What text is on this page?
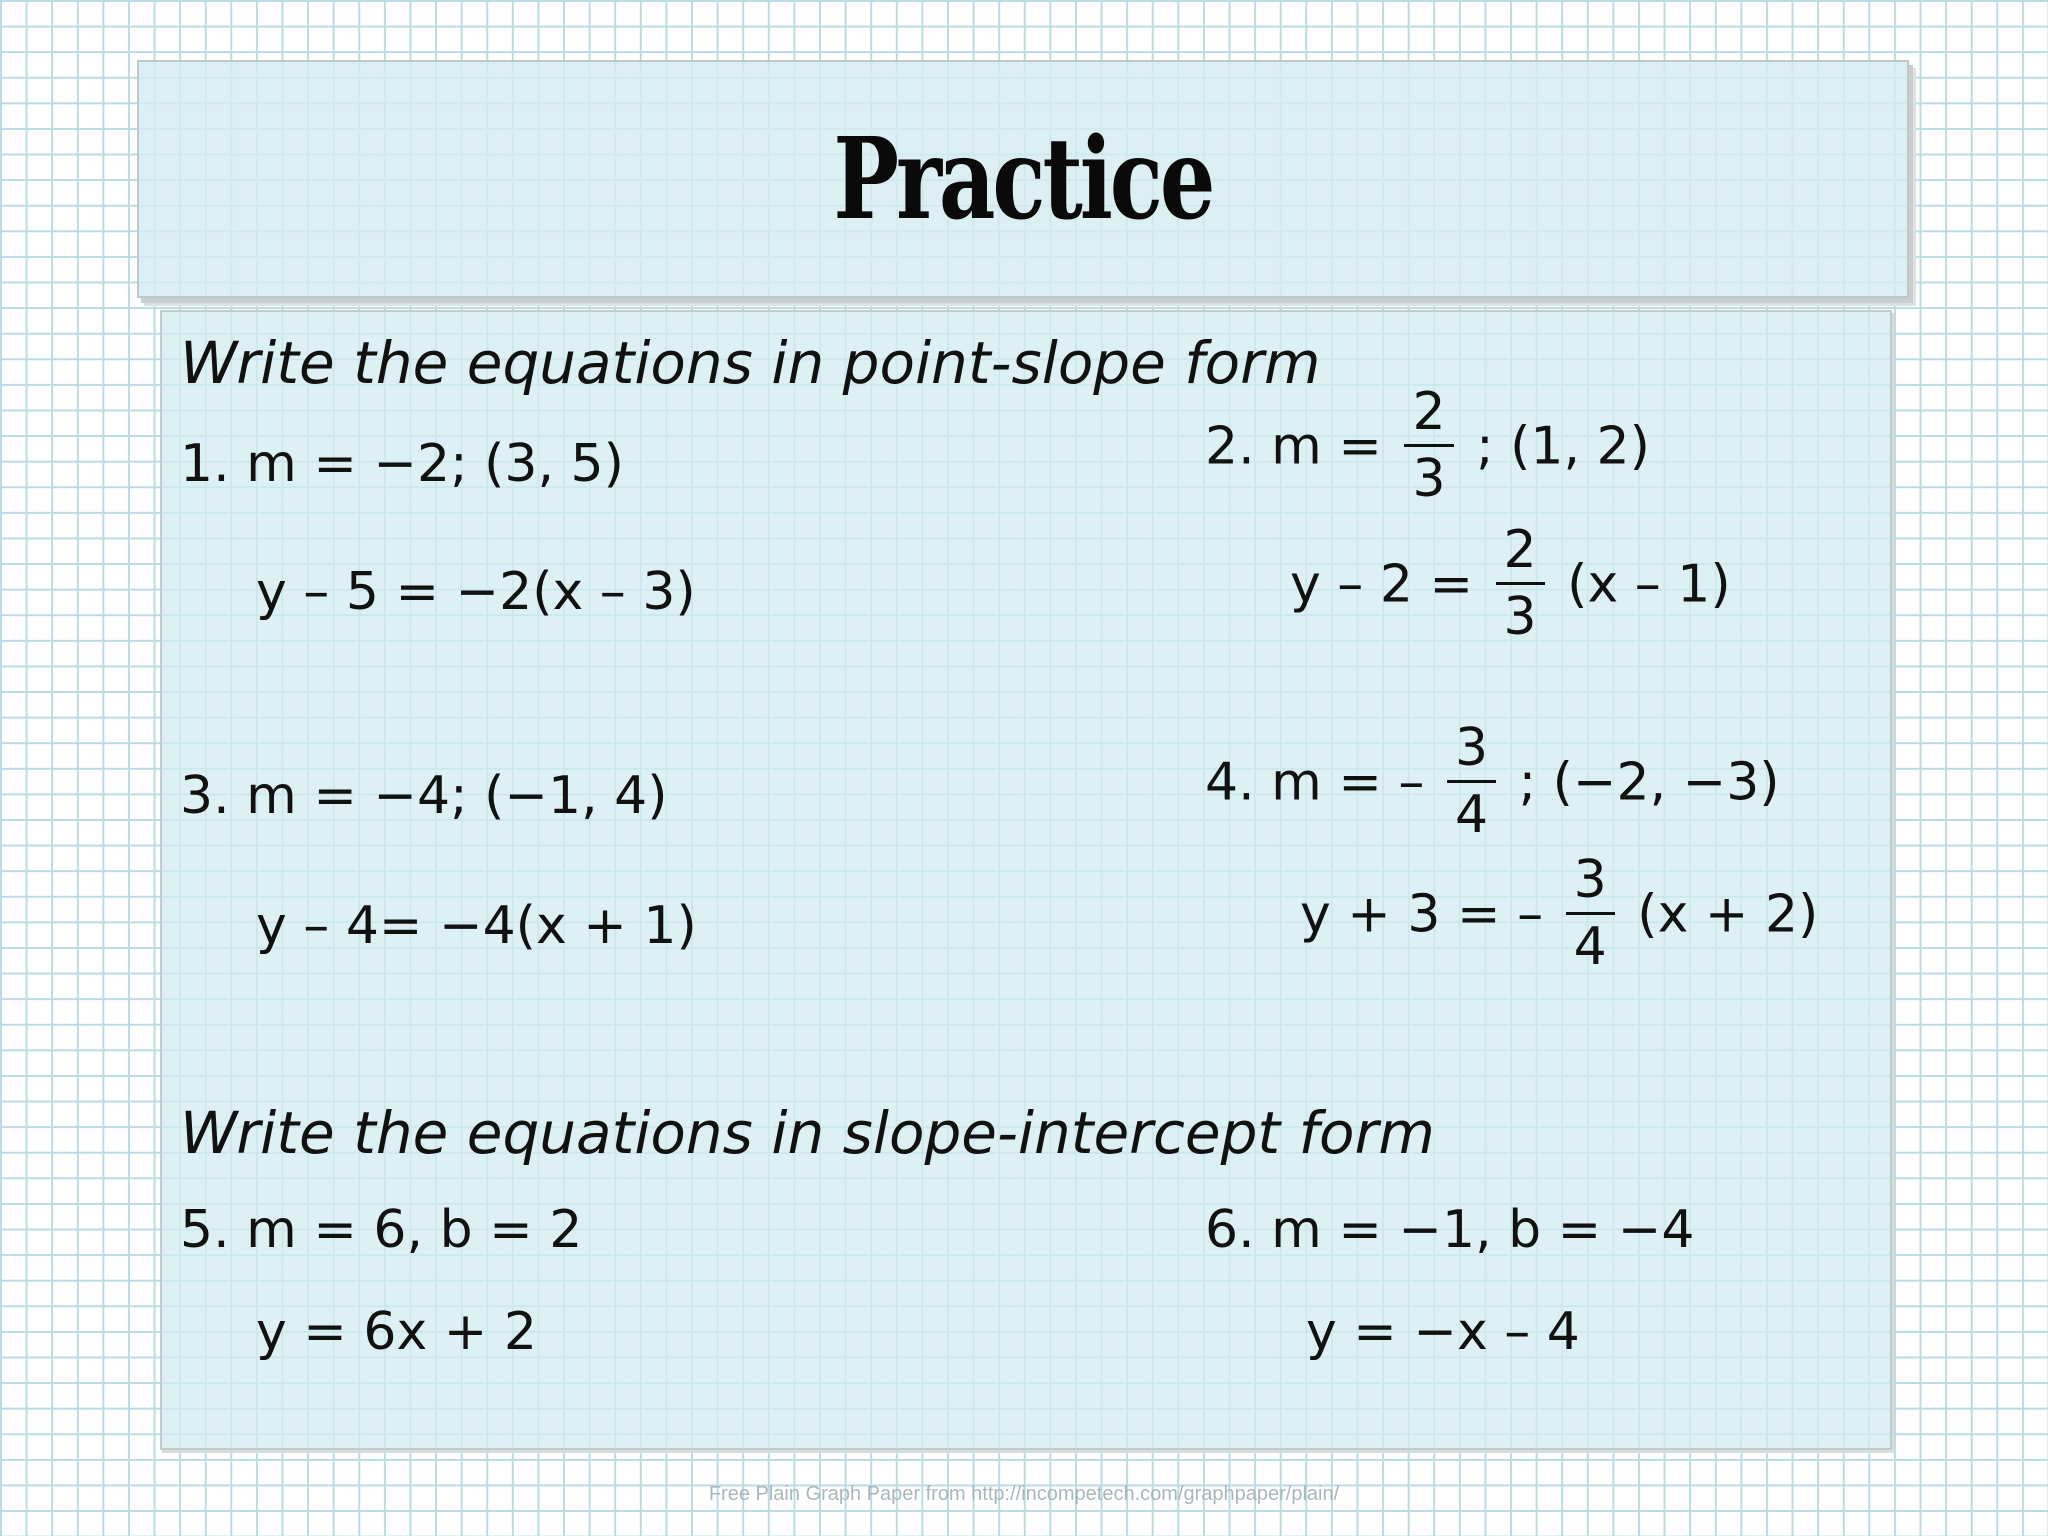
Practice
Write the equations in point-slope form
1. m = −2; (3, 5)
y – 5 = −2(x – 3)
2. $m = \frac{2}{3}$ ; (1, 2)
$y - 2 = \frac{2}{3} (x - 1)$
3. m = −4; (−1, 4)
y – 4= −4(x + 1)
4. m = – $\frac{3}{4}$ ; (−2, −3)
y + 3 = – $\frac{3}{4} (x + 2)$
Write the equations in slope-intercept form
5. m = 6, b = 2
y = 6x + 2
6. m = −1, b = −4
y = −x – 4
Free Plain Graph Paper from http://incompetech.com/graphpaper/plain/
